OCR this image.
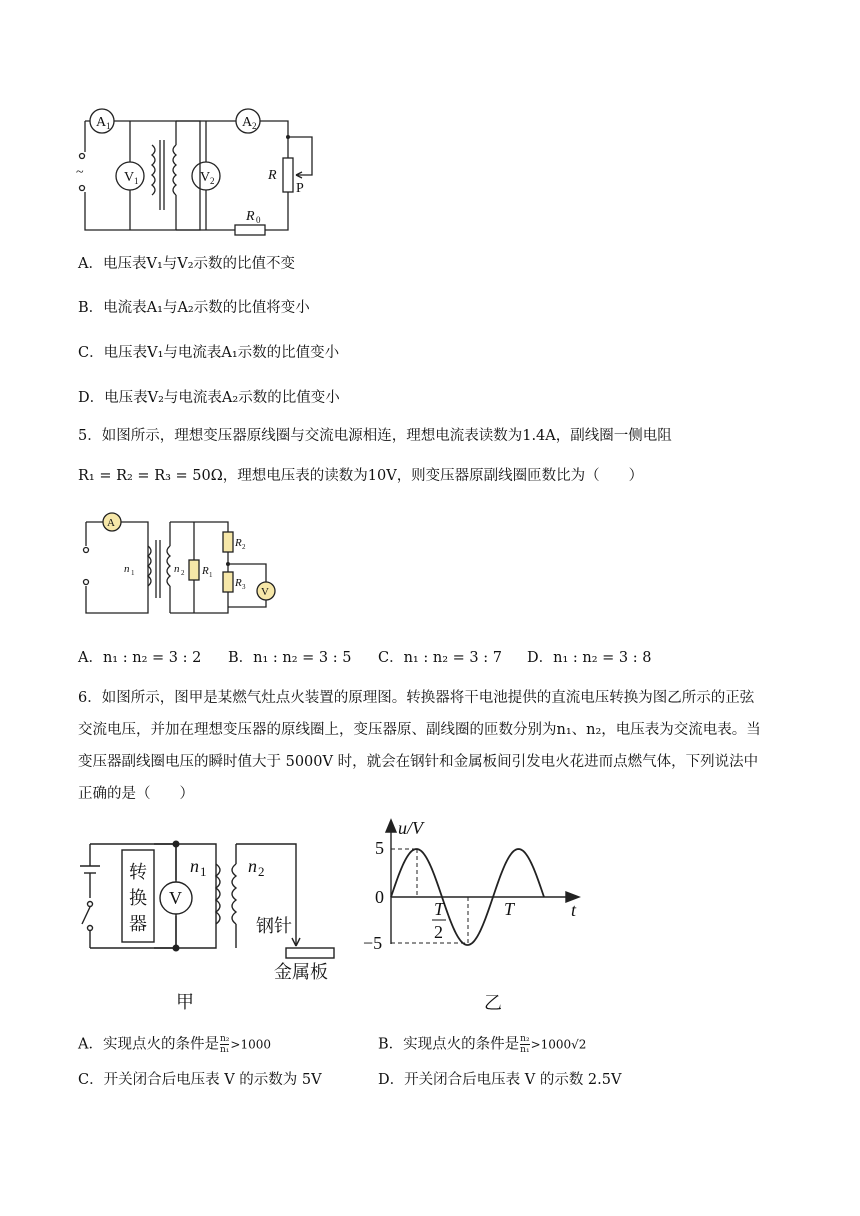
A 1
V 1	V 2
A 2
R
P
R 0
~
A．电压表V₁与V₂示数的比值不变
B．电流表A₁与A₂示数的比值将变小
C．电压表V₁与电流表A₁示数的比值变小
D．电压表V₂与电流表A₂示数的比值变小
5．如图所示，理想变压器原线圈与交流电源相连，理想电流表读数为1.4A，副线圈一侧电阻
R₁ = R₂ = R₃ = 50Ω，理想电压表的读数为10V，则变压器原副线圈匝数比为（　　）
A
V
n 1	n 2 R 1
R 2
R 3
A．n₁ : n₂ = 3 : 2 B．n₁ : n₂ = 3 : 5 C．n₁ : n₂ = 3 : 7 D．n₁ : n₂ = 3 : 8
6．如图所示，图甲是某燃气灶点火装置的原理图。转换器将干电池提供的直流电压转换为图乙所示的正弦
交流电压，并加在理想变压器的原线圈上，变压器原、副线圈的匝数分别为n₁、n₂，电压表为交流电表。当
变压器副线圈电压的瞬时值大于 5000V 时，就会在钢针和金属板间引发电火花进而点燃气体，下列说法中
正确的是（　　）
转
换
器
V
n 1 n 2
钢针
金属板
甲
u/V
5
0
−5
t
T
2
T
乙
A．实现点火的条件是 $\frac{\text{n₂}}{\text{n₁}} >1000$	B．实现点火的条件是 $\frac{\text{n₂}}{\text{n₁}} >1000√2$
C．开关闭合后电压表 V 的示数为 5V	D．开关闭合后电压表 V 的示数 2.5V
